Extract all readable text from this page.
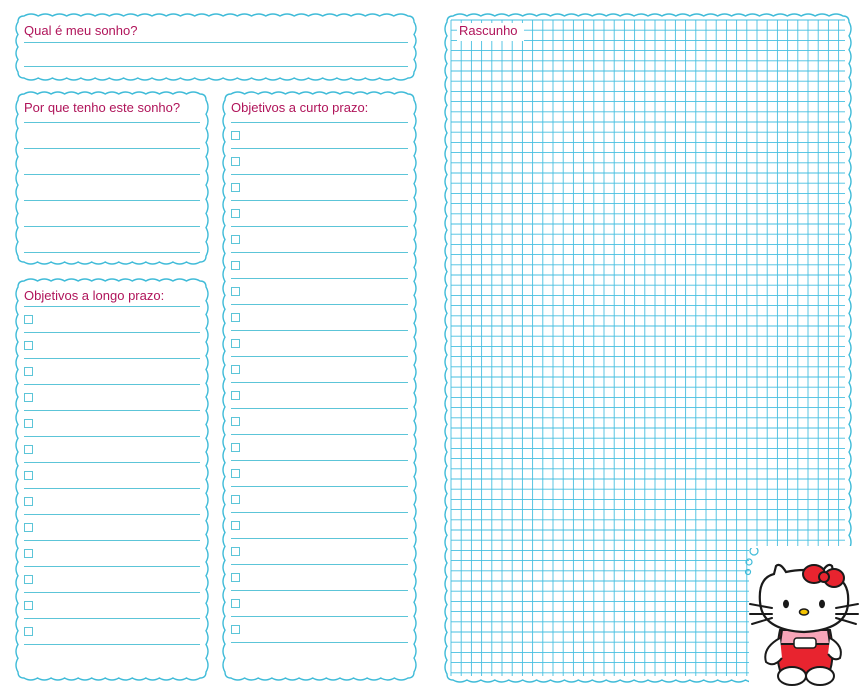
Qual é meu sonho?
Por que tenho este sonho?	Objetivos a curto prazo:
Objetivos a longo prazo:
Rascunho
